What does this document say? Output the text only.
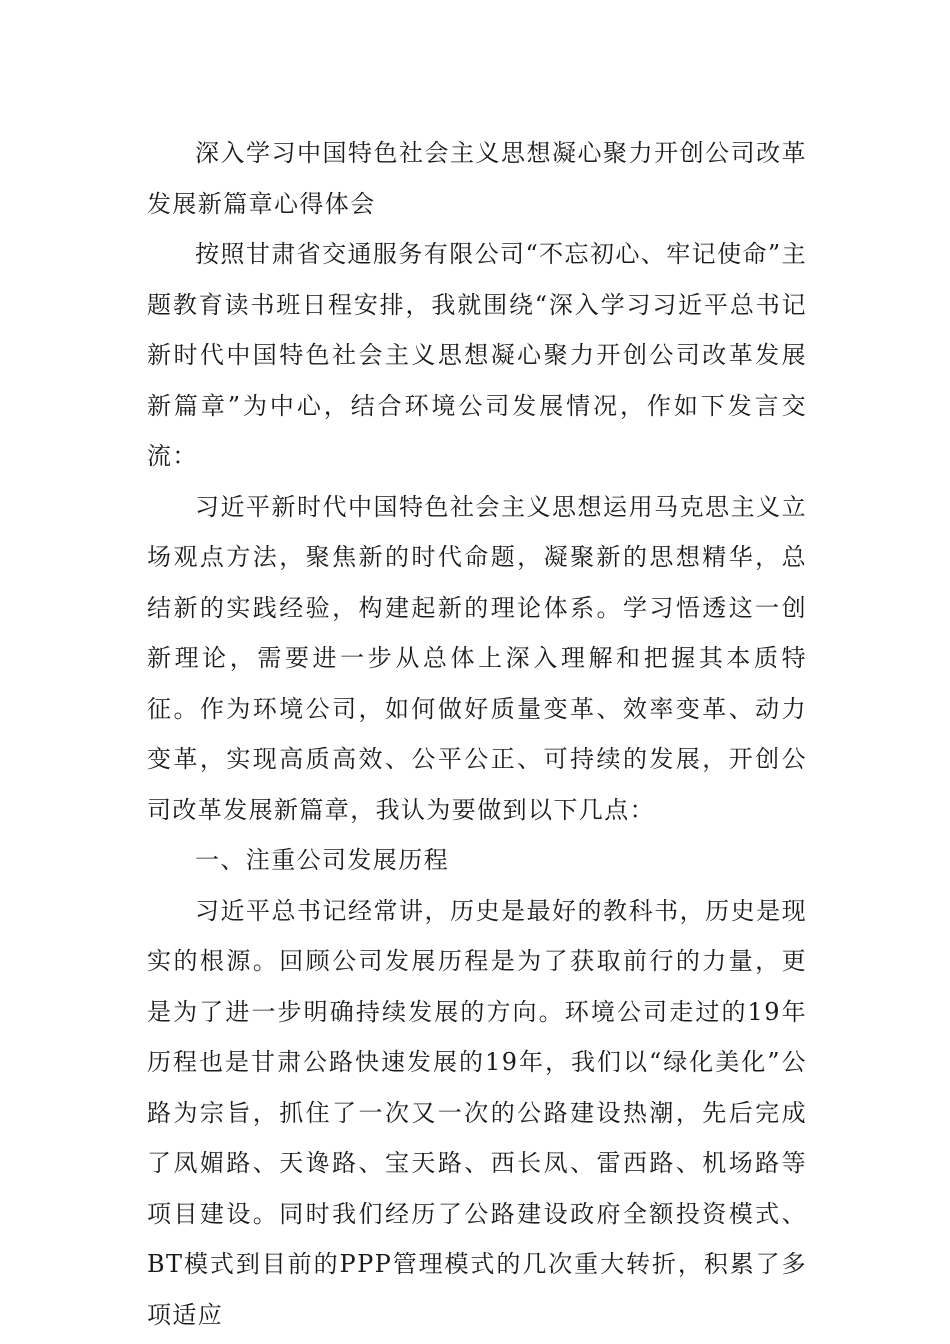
深入学习中国特色社会主义思想凝心聚力开创公司改革发展新篇章心得体会

按照甘肃省交通服务有限公司“不忘初心、牢记使命”主题教育读书班日程安排，我就围绕“深入学习习近平总书记新时代中国特色社会主义思想凝心聚力开创公司改革发展新篇章”为中心，结合环境公司发展情况，作如下发言交流：

习近平新时代中国特色社会主义思想运用马克思主义立场观点方法，聚焦新的时代命题，凝聚新的思想精华，总结新的实践经验，构建起新的理论体系。学习悟透这一创新理论，需要进一步从总体上深入理解和把握其本质特征。作为环境公司，如何做好质量变革、效率变革、动力变革，实现高质高效、公平公正、可持续的发展，开创公司改革发展新篇章，我认为要做到以下几点：

一、注重公司发展历程

习近平总书记经常讲，历史是最好的教科书，历史是现实的根源。回顾公司发展历程是为了获取前行的力量，更是为了进一步明确持续发展的方向。环境公司走过的19年历程也是甘肃公路快速发展的19年，我们以“绿化美化”公路为宗旨，抓住了一次又一次的公路建设热潮，先后完成了凤媚路、天谗路、宝天路、西长凤、雷西路、机场路等项目建设。同时我们经历了公路建设政府全额投资模式、BT模式到目前的PPP管理模式的几次重大转折，积累了多项适应
